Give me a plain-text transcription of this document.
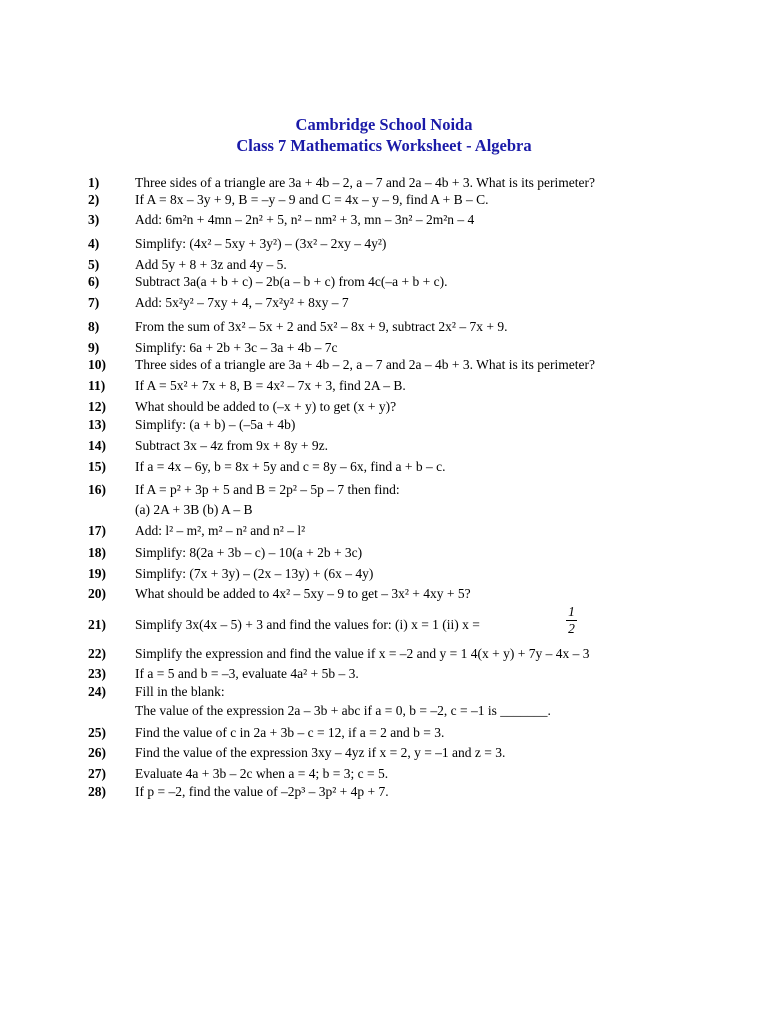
Cambridge School Noida
Class 7 Mathematics Worksheet - Algebra
1)	Three sides of a triangle are 3a + 4b – 2, a – 7 and 2a – 4b + 3. What is its perimeter?
2)	If A = 8x – 3y + 9, B = –y – 9 and C = 4x – y – 9, find A + B – C.
3)	Add: 6m²n + 4mn – 2n² + 5, n² – nm² + 3, mn – 3n² – 2m²n – 4
4)	Simplify: (4x² – 5xy + 3y²) – (3x² – 2xy – 4y²)
5)	Add 5y + 8 + 3z and 4y – 5.
6)	Subtract 3a(a + b + c) – 2b(a – b + c) from 4c(–a + b + c).
7)	Add: 5x²y² – 7xy + 4, – 7x²y² + 8xy – 7
8)	From the sum of 3x² – 5x + 2 and 5x² – 8x + 9, subtract 2x² – 7x + 9.
9)	Simplify: 6a + 2b + 3c – 3a + 4b – 7c
10) Three sides of a triangle are 3a + 4b – 2, a – 7 and 2a – 4b + 3. What is its perimeter?
11) If A = 5x² + 7x + 8, B = 4x² – 7x + 3, find 2A – B.
12) What should be added to (–x + y) to get (x + y)?
13) Simplify: (a + b) – (–5a + 4b)
14) Subtract 3x – 4z from 9x + 8y + 9z.
15) If a = 4x – 6y, b = 8x + 5y and c = 8y – 6x, find a + b – c.
16) If A = p² + 3p + 5 and B = 2p² – 5p – 7 then find:
(a) 2A + 3B (b) A – B
17) Add: l² – m², m² – n² and n² – l²
18) Simplify: 8(2a + 3b – c) – 10(a + 2b + 3c)
19) Simplify: (7x + 3y) – (2x – 13y) + (6x – 4y)
20) What should be added to 4x² – 5xy – 9 to get – 3x² + 4xy + 5?
21) Simplify 3x(4x – 5) + 3 and find the values for: (i) x = 1 (ii) x =
1
2
22) Simplify the expression and find the value if x = –2 and y = 1 4(x + y) + 7y – 4x – 3
23) If a = 5 and b = –3, evaluate 4a² + 5b – 3.
24) Fill in the blank:
The value of the expression 2a – 3b + abc if a = 0, b = –2, c = –1 is _______.
25) Find the value of c in 2a + 3b – c = 12, if a = 2 and b = 3.
26) Find the value of the expression 3xy – 4yz if x = 2, y = –1 and z = 3.
27) Evaluate 4a + 3b – 2c when a = 4; b = 3; c = 5.
28) If p = –2, find the value of –2p³ – 3p² + 4p + 7.
